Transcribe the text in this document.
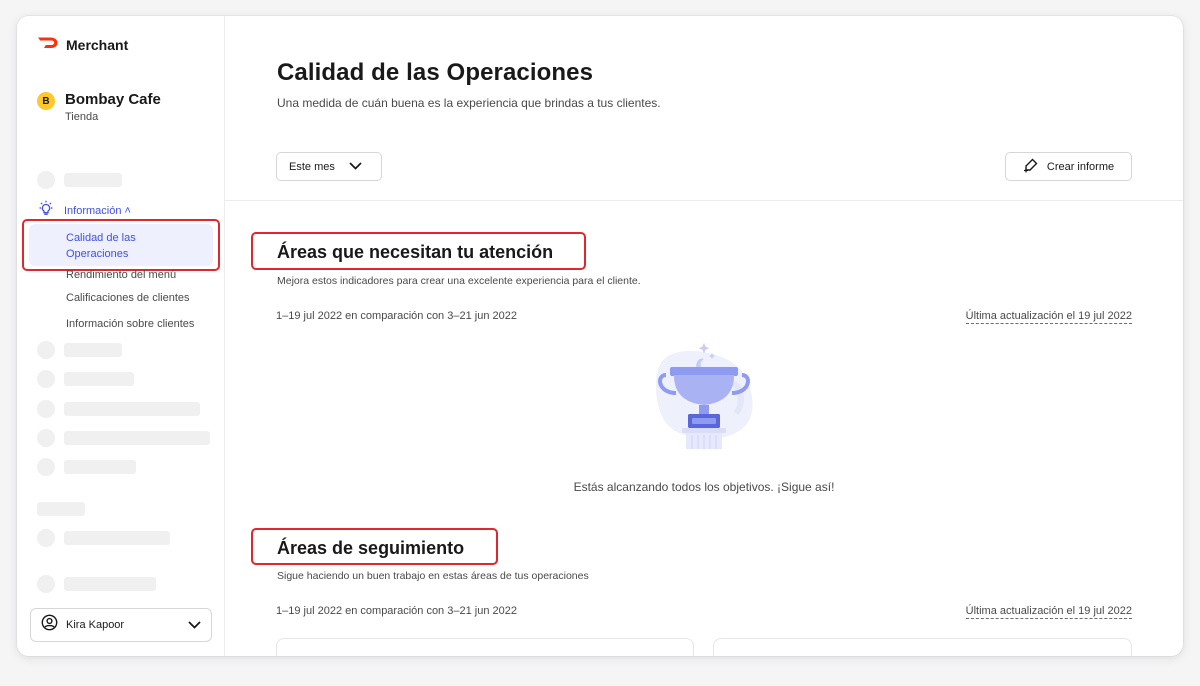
Merchant
B	Bombay Cafe
Tienda
Información ˄
Calidad de las Operaciones
Rendimiento del menú
Calificaciones de clientes
Información sobre clientes
Kira Kapoor
Calidad de las Operaciones

Una medida de cuán buena es la experiencia que brindas a tus clientes.

Este mes	Crear informe
Áreas que necesitan tu atención

Mejora estos indicadores para crear una excelente experiencia para el cliente.

1–19 jul 2022 en comparación con 3–21 jun 2022	Última actualización el 19 jul 2022

Estás alcanzando todos los objetivos. ¡Sigue así!

Áreas de seguimiento

Sigue haciendo un buen trabajo en estas áreas de tus operaciones

1–19 jul 2022 en comparación con 3–21 jun 2022	Última actualización el 19 jul 2022
